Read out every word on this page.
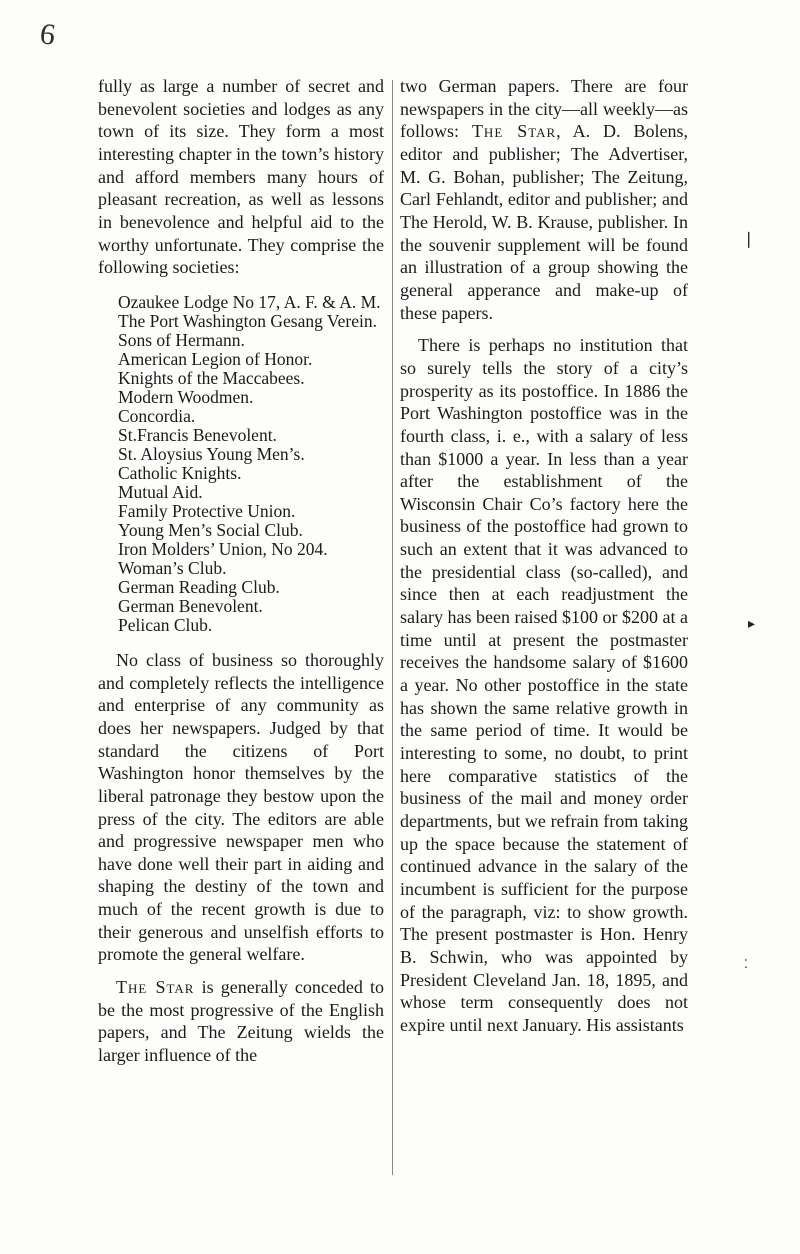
6

fully as large a number of secret and benevolent societies and lodges as any town of its size. They form a most interesting chapter in the town’s history and afford members many hours of pleasant recreation, as well as lessons in benevolence and helpful aid to the worthy unfortunate. They comprise the following societies:

Ozaukee Lodge No 17, A. F. & A. M.

The Port Washington Gesang Verein.

Sons of Hermann.

American Legion of Honor.

Knights of the Maccabees.

Modern Woodmen.

Concordia.

St.Francis Benevolent.

St. Aloysius Young Men’s.

Catholic Knights.

Mutual Aid.

Family Protective Union.

Young Men’s Social Club.

Iron Molders’ Union, No 204.

Woman’s Club.

German Reading Club.

German Benevolent.

Pelican Club.

No class of business so thoroughly and completely reflects the intelligence and enterprise of any community as does her newspapers. Judged by that standard the citizens of Port Washington honor themselves by the liberal patronage they bestow upon the press of the city. The editors are able and progressive newspaper men who have done well their part in aiding and shaping the destiny of the town and much of the recent growth is due to their generous and unselfish efforts to promote the general welfare.

The Star is generally conceded to be the most progressive of the English papers, and The Zeitung wields the larger influence of the

two German papers. There are four newspapers in the city—all weekly—as follows: The Star, A. D. Bolens, editor and publisher; The Advertiser, M. G. Bohan, publisher; The Zeitung, Carl Fehlandt, editor and publisher; and The Herold, W. B. Krause, publisher. In the souvenir supplement will be found an illustration of a group showing the general apperance and make-up of these papers.

There is perhaps no institution that so surely tells the story of a city’s prosperity as its postoffice. In 1886 the Port Washington postoffice was in the fourth class, i. e., with a salary of less than $1000 a year. In less than a year after the establishment of the Wisconsin Chair Co’s factory here the business of the postoffice had grown to such an extent that it was advanced to the presidential class (so-called), and since then at each readjustment the salary has been raised $100 or $200 at a time until at present the postmaster receives the handsome salary of $1600 a year. No other postoffice in the state has shown the same relative growth in the same period of time. It would be interesting to some, no doubt, to print here comparative statistics of the business of the mail and money order departments, but we refrain from taking up the space because the statement of continued advance in the salary of the incumbent is sufficient for the purpose of the paragraph, viz: to show growth. The present postmaster is Hon. Henry B. Schwin, who was appointed by President Cleveland Jan. 18, 1895, and whose term consequently does not expire until next January. His assistants

❘
▸
⁚
